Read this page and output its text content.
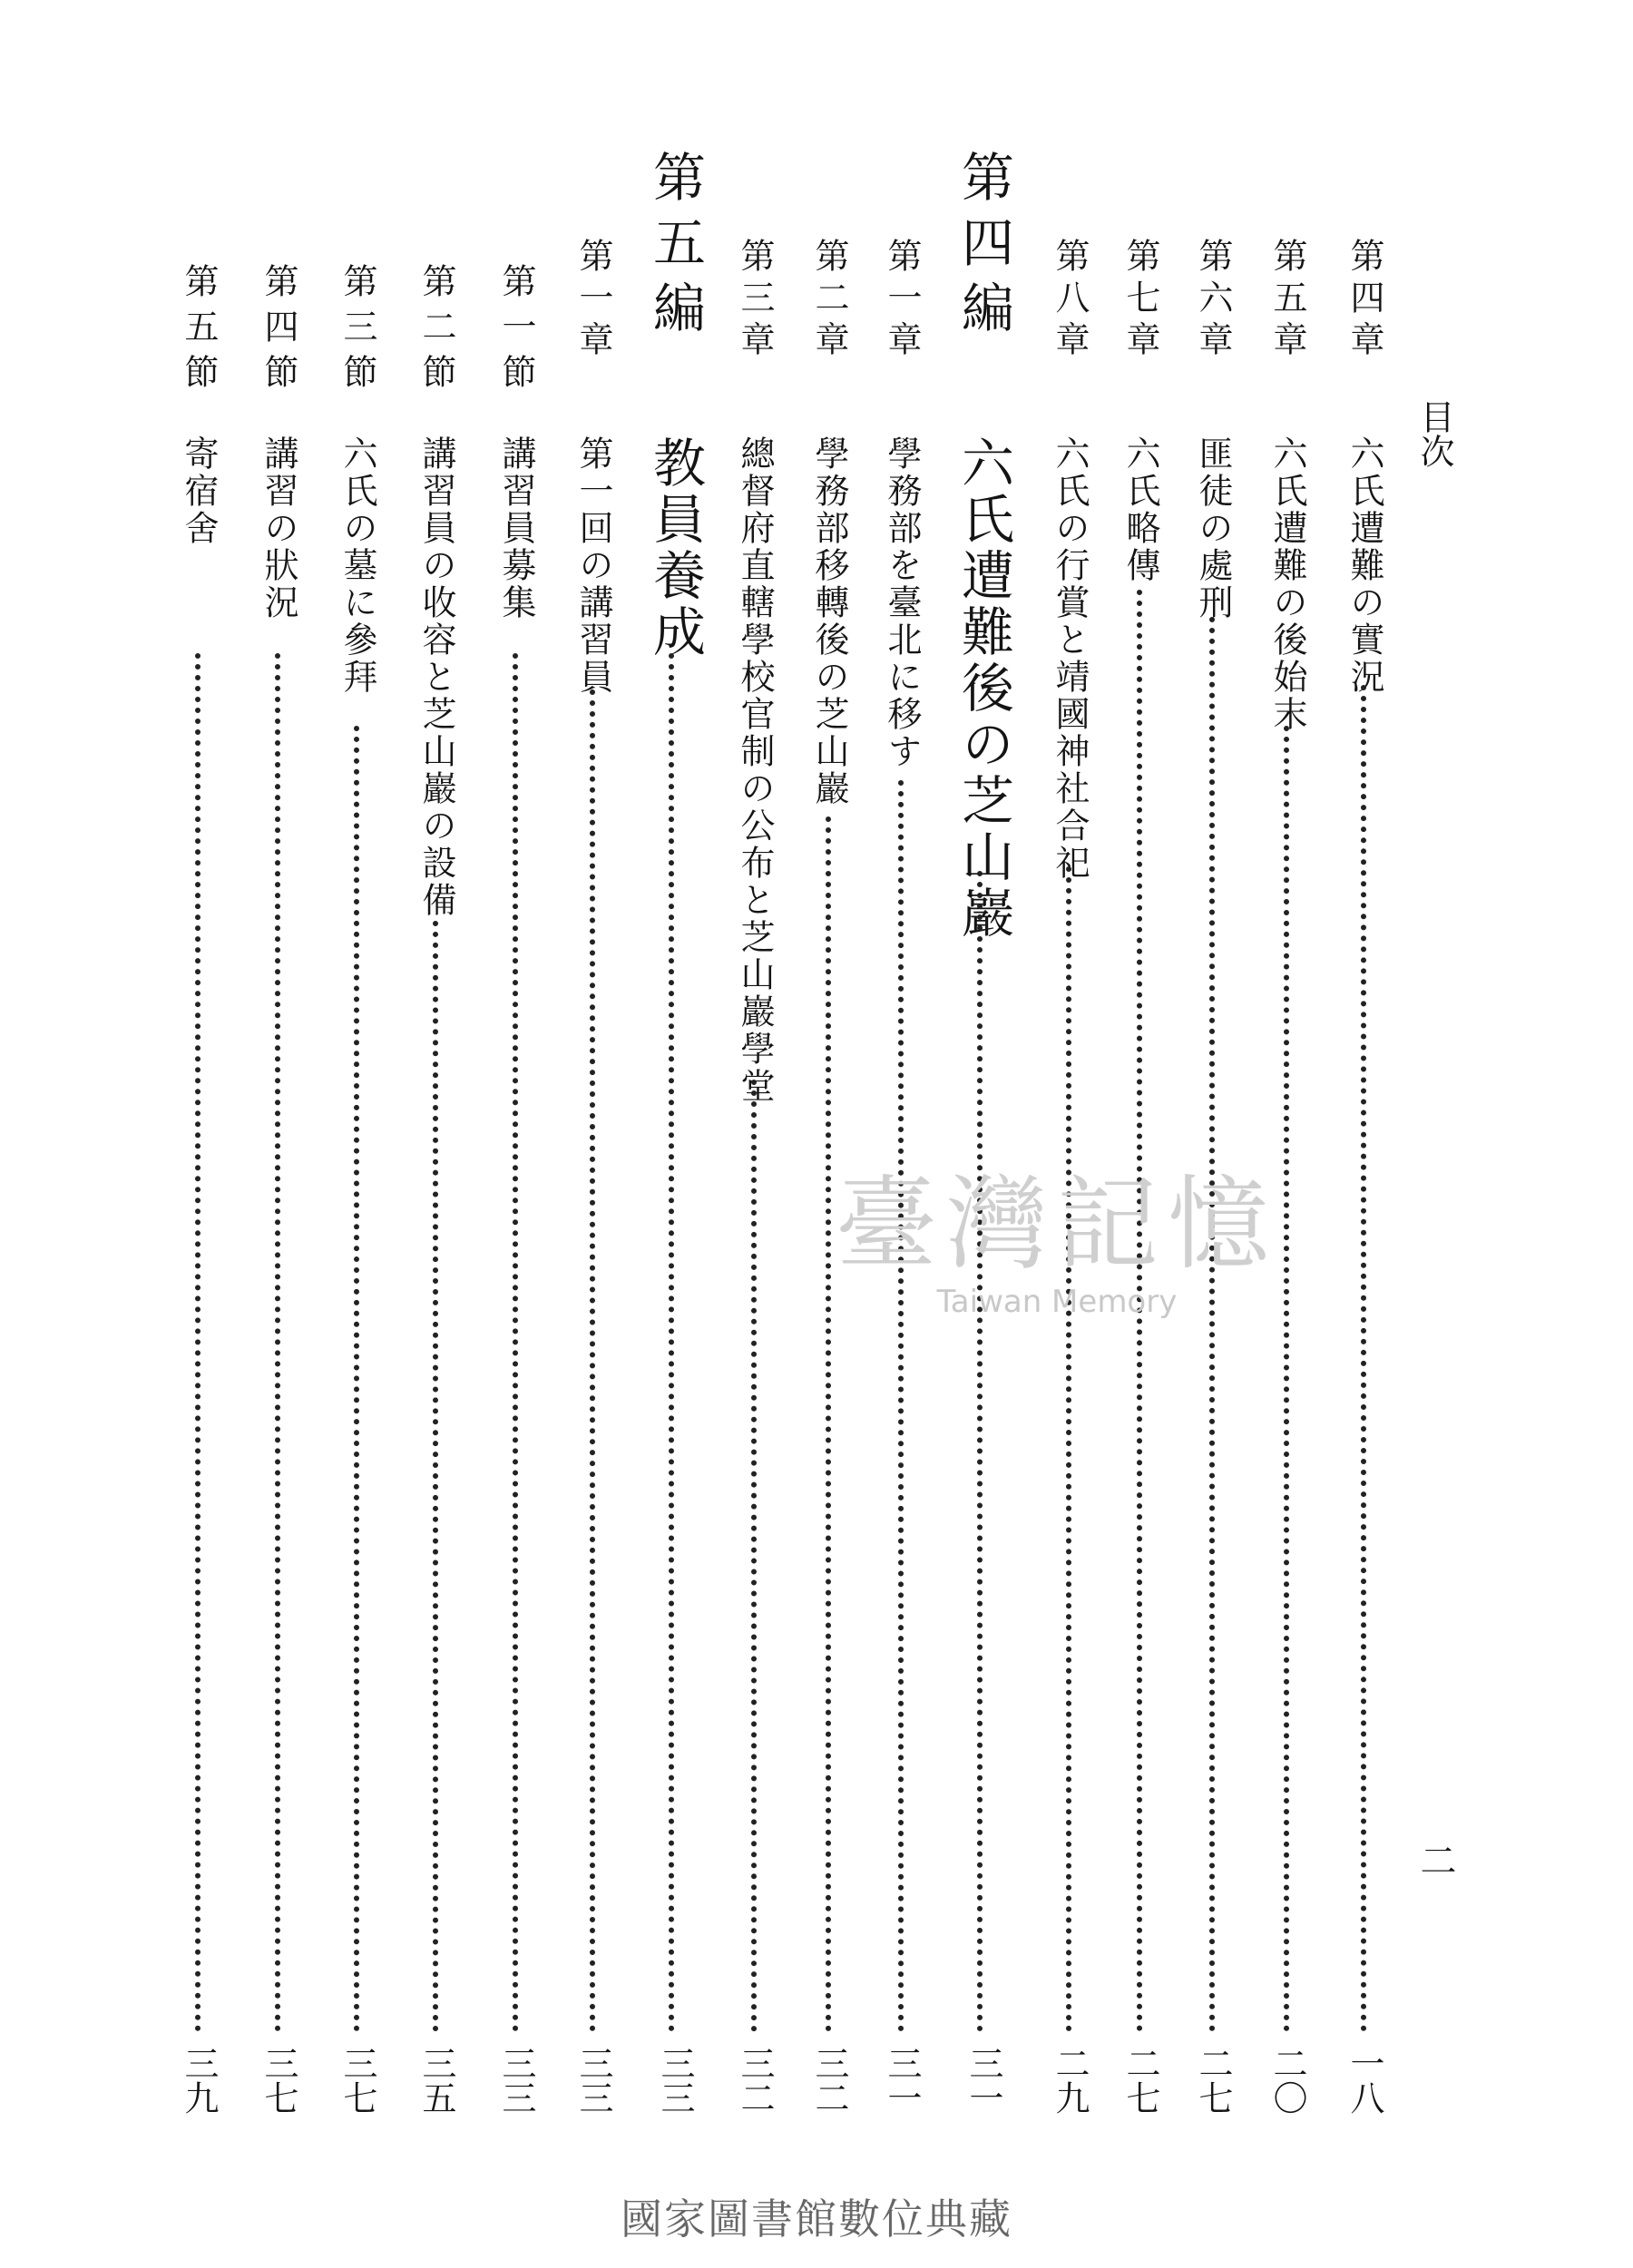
目次
二
第四章
六氏遭難の實況
一八
第五章
六氏遭難の後始末
二〇
第六章
匪徒の處刑
二七
第七章
六氏略傳
二七
第八章
六氏の行賞と靖國神社合祀
二九
第四編
六氏遭難後の芝山巖
三一
第一章
學務部を臺北に移す
三一
第二章
學務部移轉後の芝山巖
三二
第三章
總督府直轄學校官制の公布と芝山巖學堂
三二
第五編
教員養成
三三
第一章
第一回の講習員
三三
第一節
講習員募集
三三
第二節
講習員の收容と芝山巖の設備
三五
第三節
六氏の墓に參拜
三七
第四節
講習の狀況
三七
第五節
寄宿舍
三九
臺灣記憶
Taiwan Memory
國家圖書館數位典藏
